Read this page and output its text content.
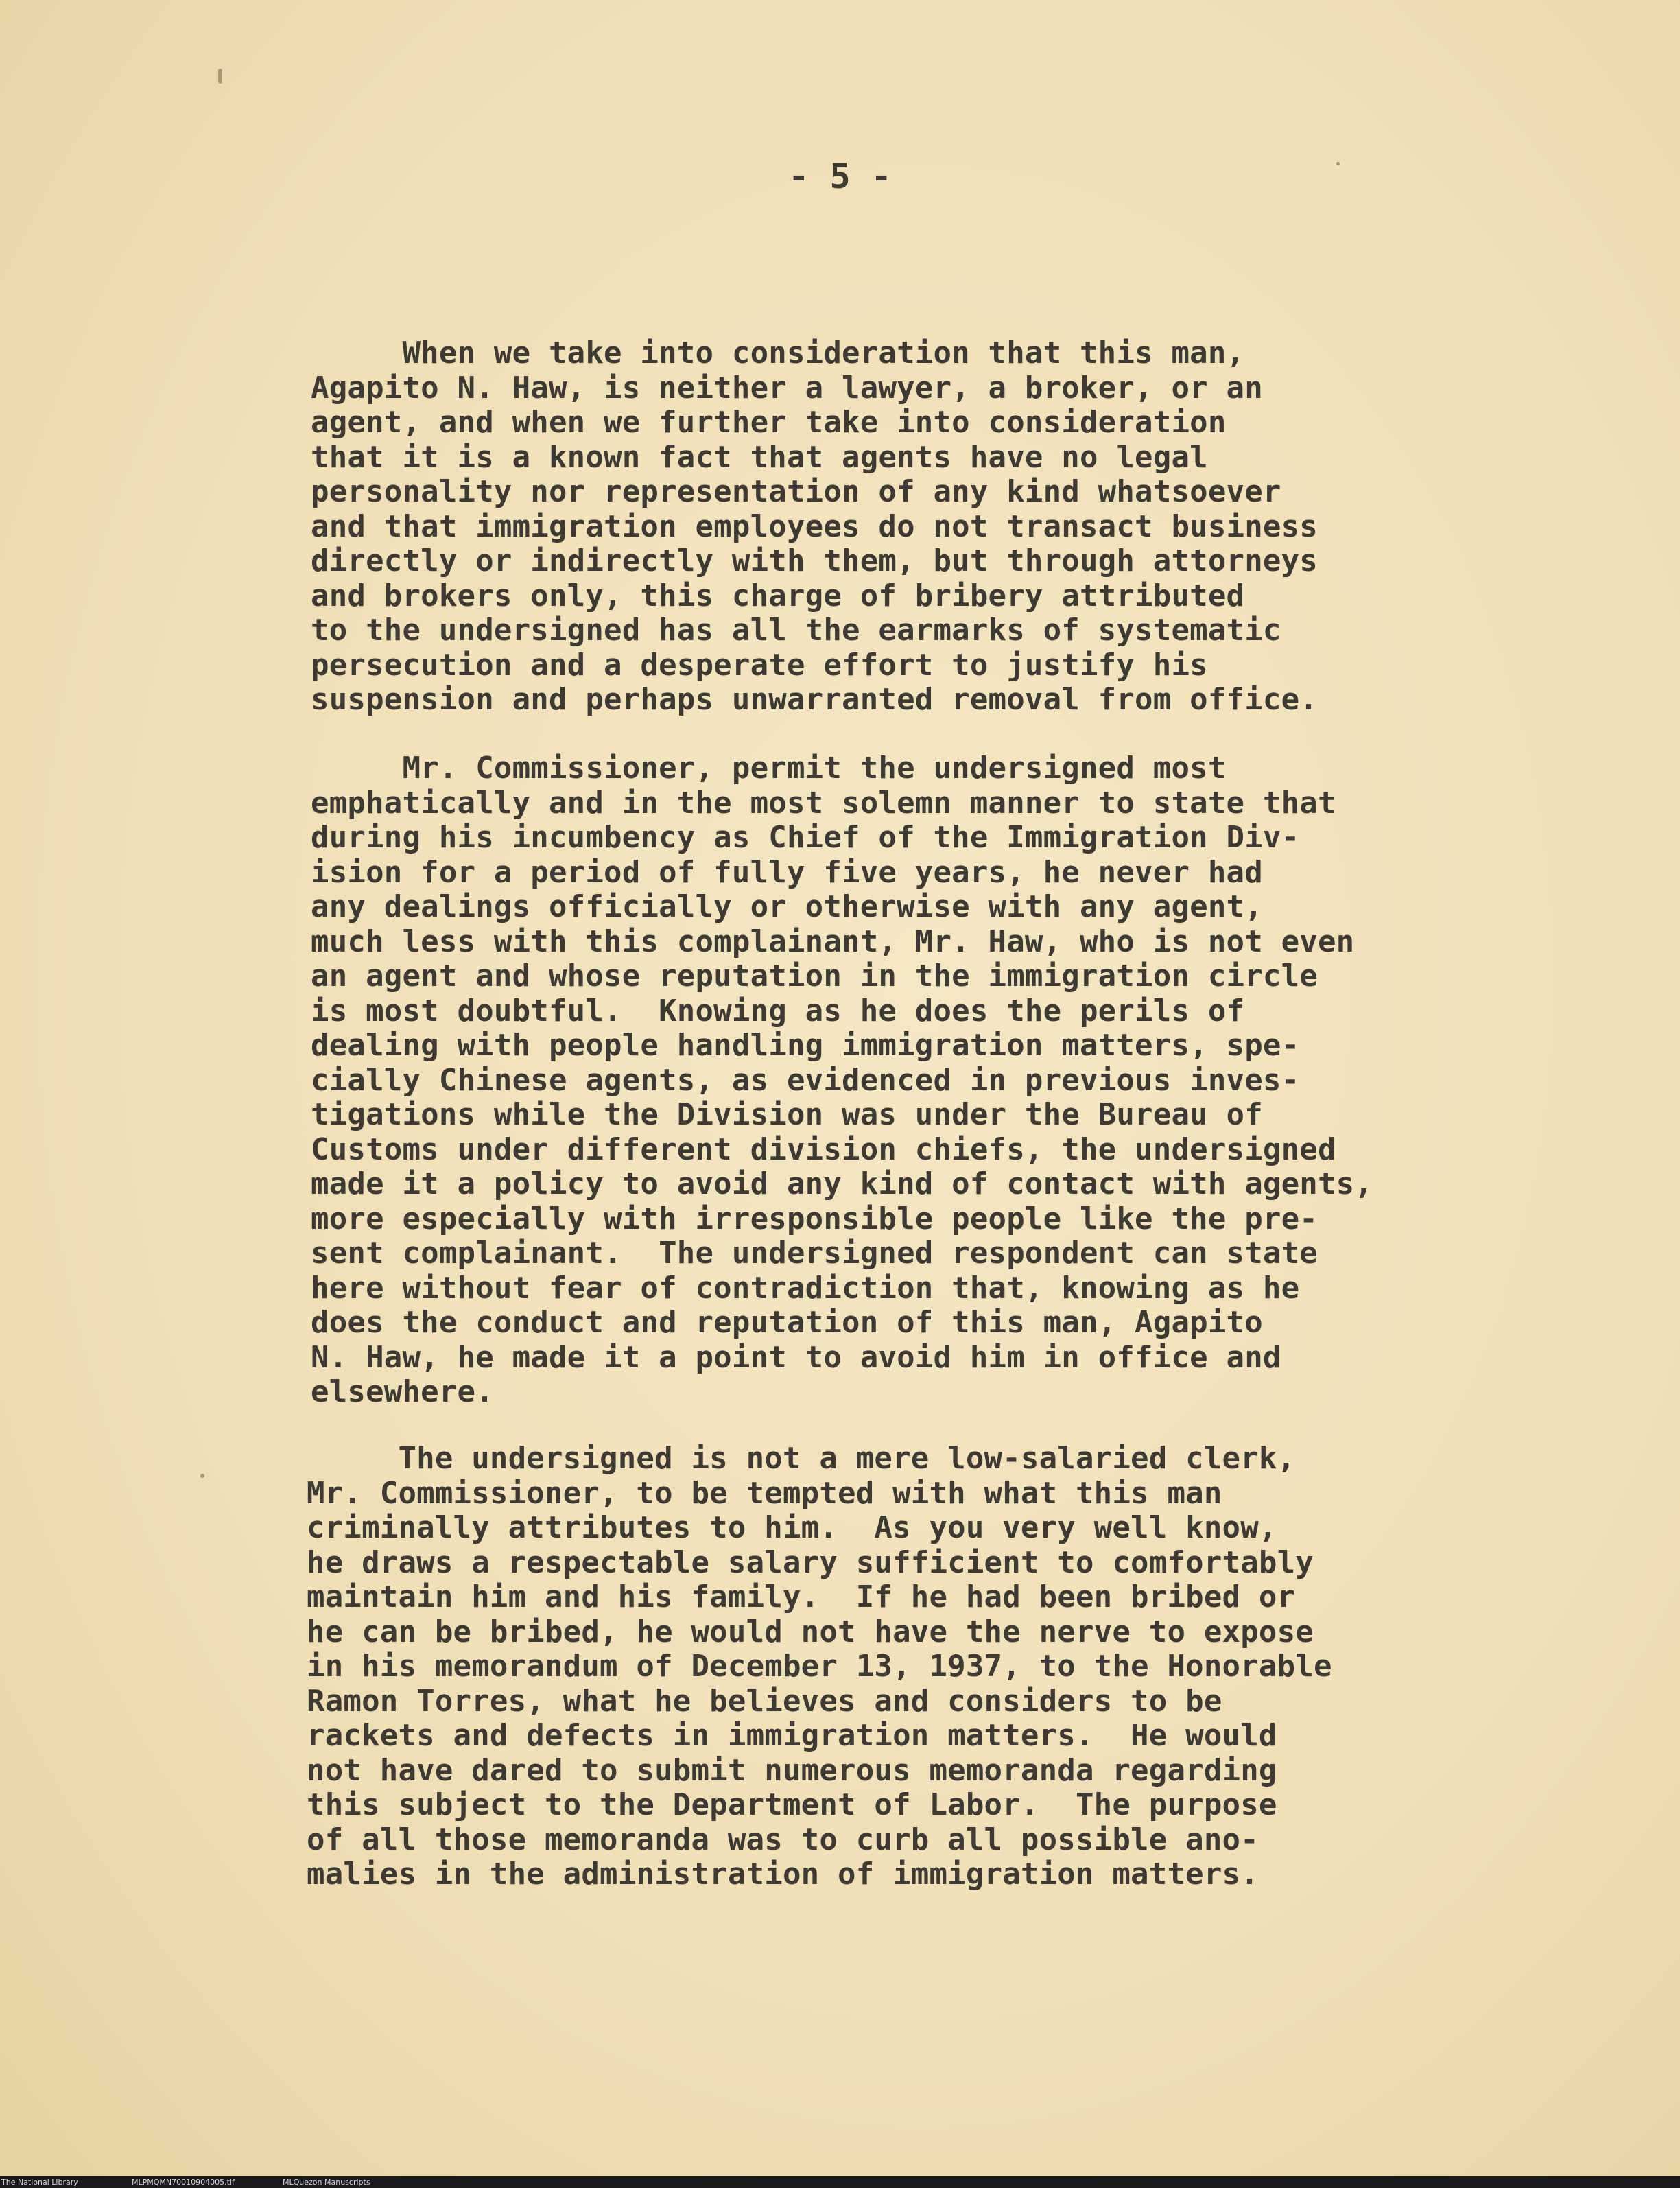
- 5 -

When we take into consideration that this man,
Agapito N. Haw, is neither a lawyer, a broker, or an
agent, and when we further take into consideration
that it is a known fact that agents have no legal
personality nor representation of any kind whatsoever
and that immigration employees do not transact business
directly or indirectly with them, but through attorneys
and brokers only, this charge of bribery attributed
to the undersigned has all the earmarks of systematic
persecution and a desperate effort to justify his
suspension and perhaps unwarranted removal from office.

Mr. Commissioner, permit the undersigned most
emphatically and in the most solemn manner to state that
during his incumbency as Chief of the Immigration Div-
ision for a period of fully five years, he never had
any dealings officially or otherwise with any agent,
much less with this complainant, Mr. Haw, who is not even
an agent and whose reputation in the immigration circle
is most doubtful.  Knowing as he does the perils of
dealing with people handling immigration matters, spe-
cially Chinese agents, as evidenced in previous inves-
tigations while the Division was under the Bureau of
Customs under different division chiefs, the undersigned
made it a policy to avoid any kind of contact with agents,
more especially with irresponsible people like the pre-
sent complainant.  The undersigned respondent can state
here without fear of contradiction that, knowing as he
does the conduct and reputation of this man, Agapito
N. Haw, he made it a point to avoid him in office and
elsewhere.

The undersigned is not a mere low-salaried clerk,
Mr. Commissioner, to be tempted with what this man
criminally attributes to him.  As you very well know,
he draws a respectable salary sufficient to comfortably
maintain him and his family.  If he had been bribed or
he can be bribed, he would not have the nerve to expose
in his memorandum of December 13, 1937, to the Honorable
Ramon Torres, what he believes and considers to be
rackets and defects in immigration matters.  He would
not have dared to submit numerous memoranda regarding
this subject to the Department of Labor.  The purpose
of all those memoranda was to curb all possible ano-
malies in the administration of immigration matters.

The National Library	MLPMQMN70010904005.tif	MLQuezon Manuscripts
